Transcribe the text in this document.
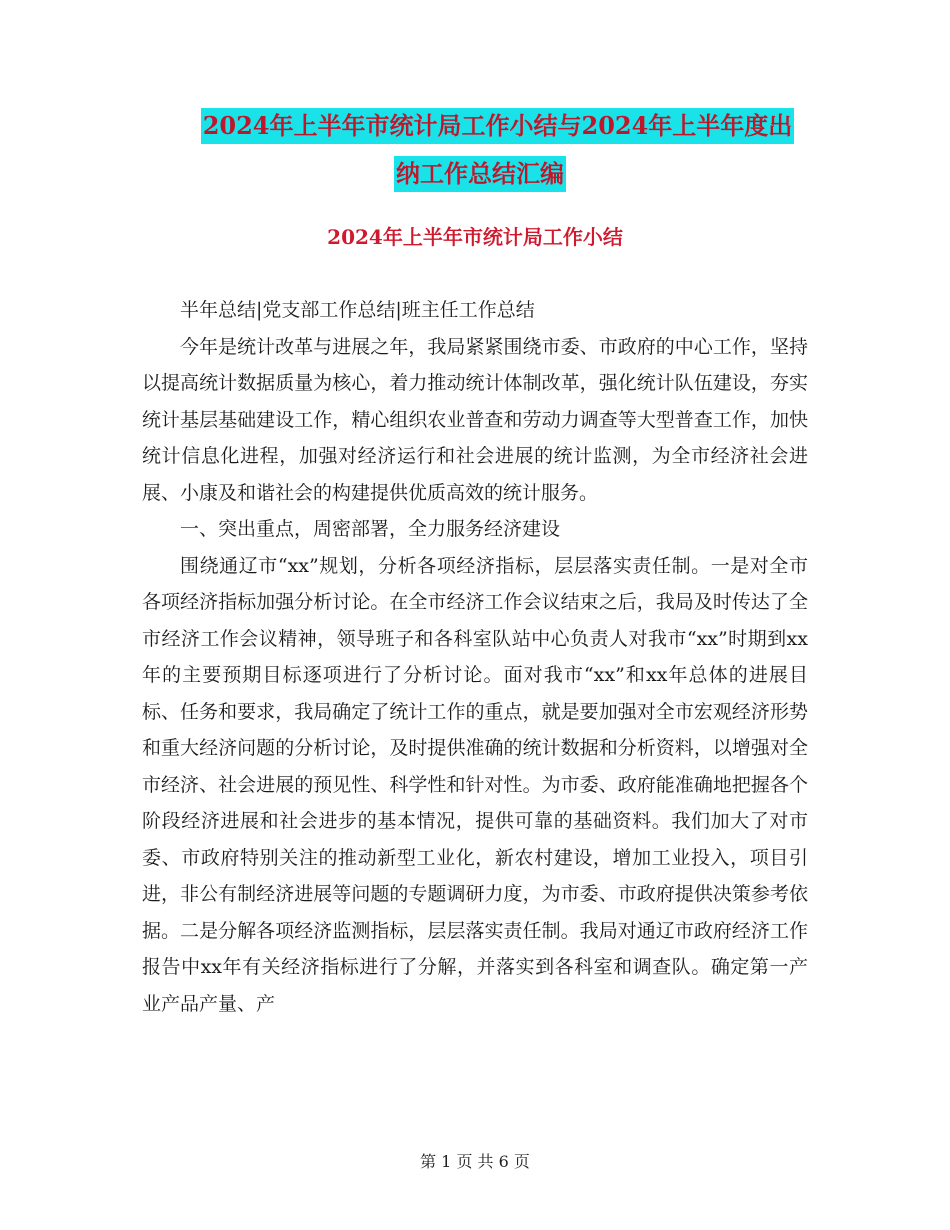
2024年上半年市统计局工作小结与2024年上半年度出
纳工作总结汇编
2024年上半年市统计局工作小结

半年总结|党支部工作总结|班主任工作总结

今年是统计改革与进展之年，我局紧紧围绕市委、市政府的中心工作，坚持以提高统计数据质量为核心，着力推动统计体制改革，强化统计队伍建设，夯实统计基层基础建设工作，精心组织农业普查和劳动力调查等大型普查工作，加快统计信息化进程，加强对经济运行和社会进展的统计监测，为全市经济社会进展、小康及和谐社会的构建提供优质高效的统计服务。

一、突出重点，周密部署，全力服务经济建设

围绕通辽市“xx”规划，分析各项经济指标，层层落实责任制。一是对全市各项经济指标加强分析讨论。在全市经济工作会议结束之后，我局及时传达了全市经济工作会议精神，领导班子和各科室队站中心负责人对我市“xx”时期到xx年的主要预期目标逐项进行了分析讨论。面对我市“xx”和xx年总体的进展目标、任务和要求，我局确定了统计工作的重点，就是要加强对全市宏观经济形势和重大经济问题的分析讨论，及时提供准确的统计数据和分析资料，以增强对全市经济、社会进展的预见性、科学性和针对性。为市委、政府能准确地把握各个阶段经济进展和社会进步的基本情况，提供可靠的基础资料。我们加大了对市委、市政府特别关注的推动新型工业化，新农村建设，增加工业投入，项目引进，非公有制经济进展等问题的专题调研力度，为市委、市政府提供决策参考依据。二是分解各项经济监测指标，层层落实责任制。我局对通辽市政府经济工作报告中xx年有关经济指标进行了分解，并落实到各科室和调查队。确定第一产业产品产量、产

第 1 页 共 6 页
